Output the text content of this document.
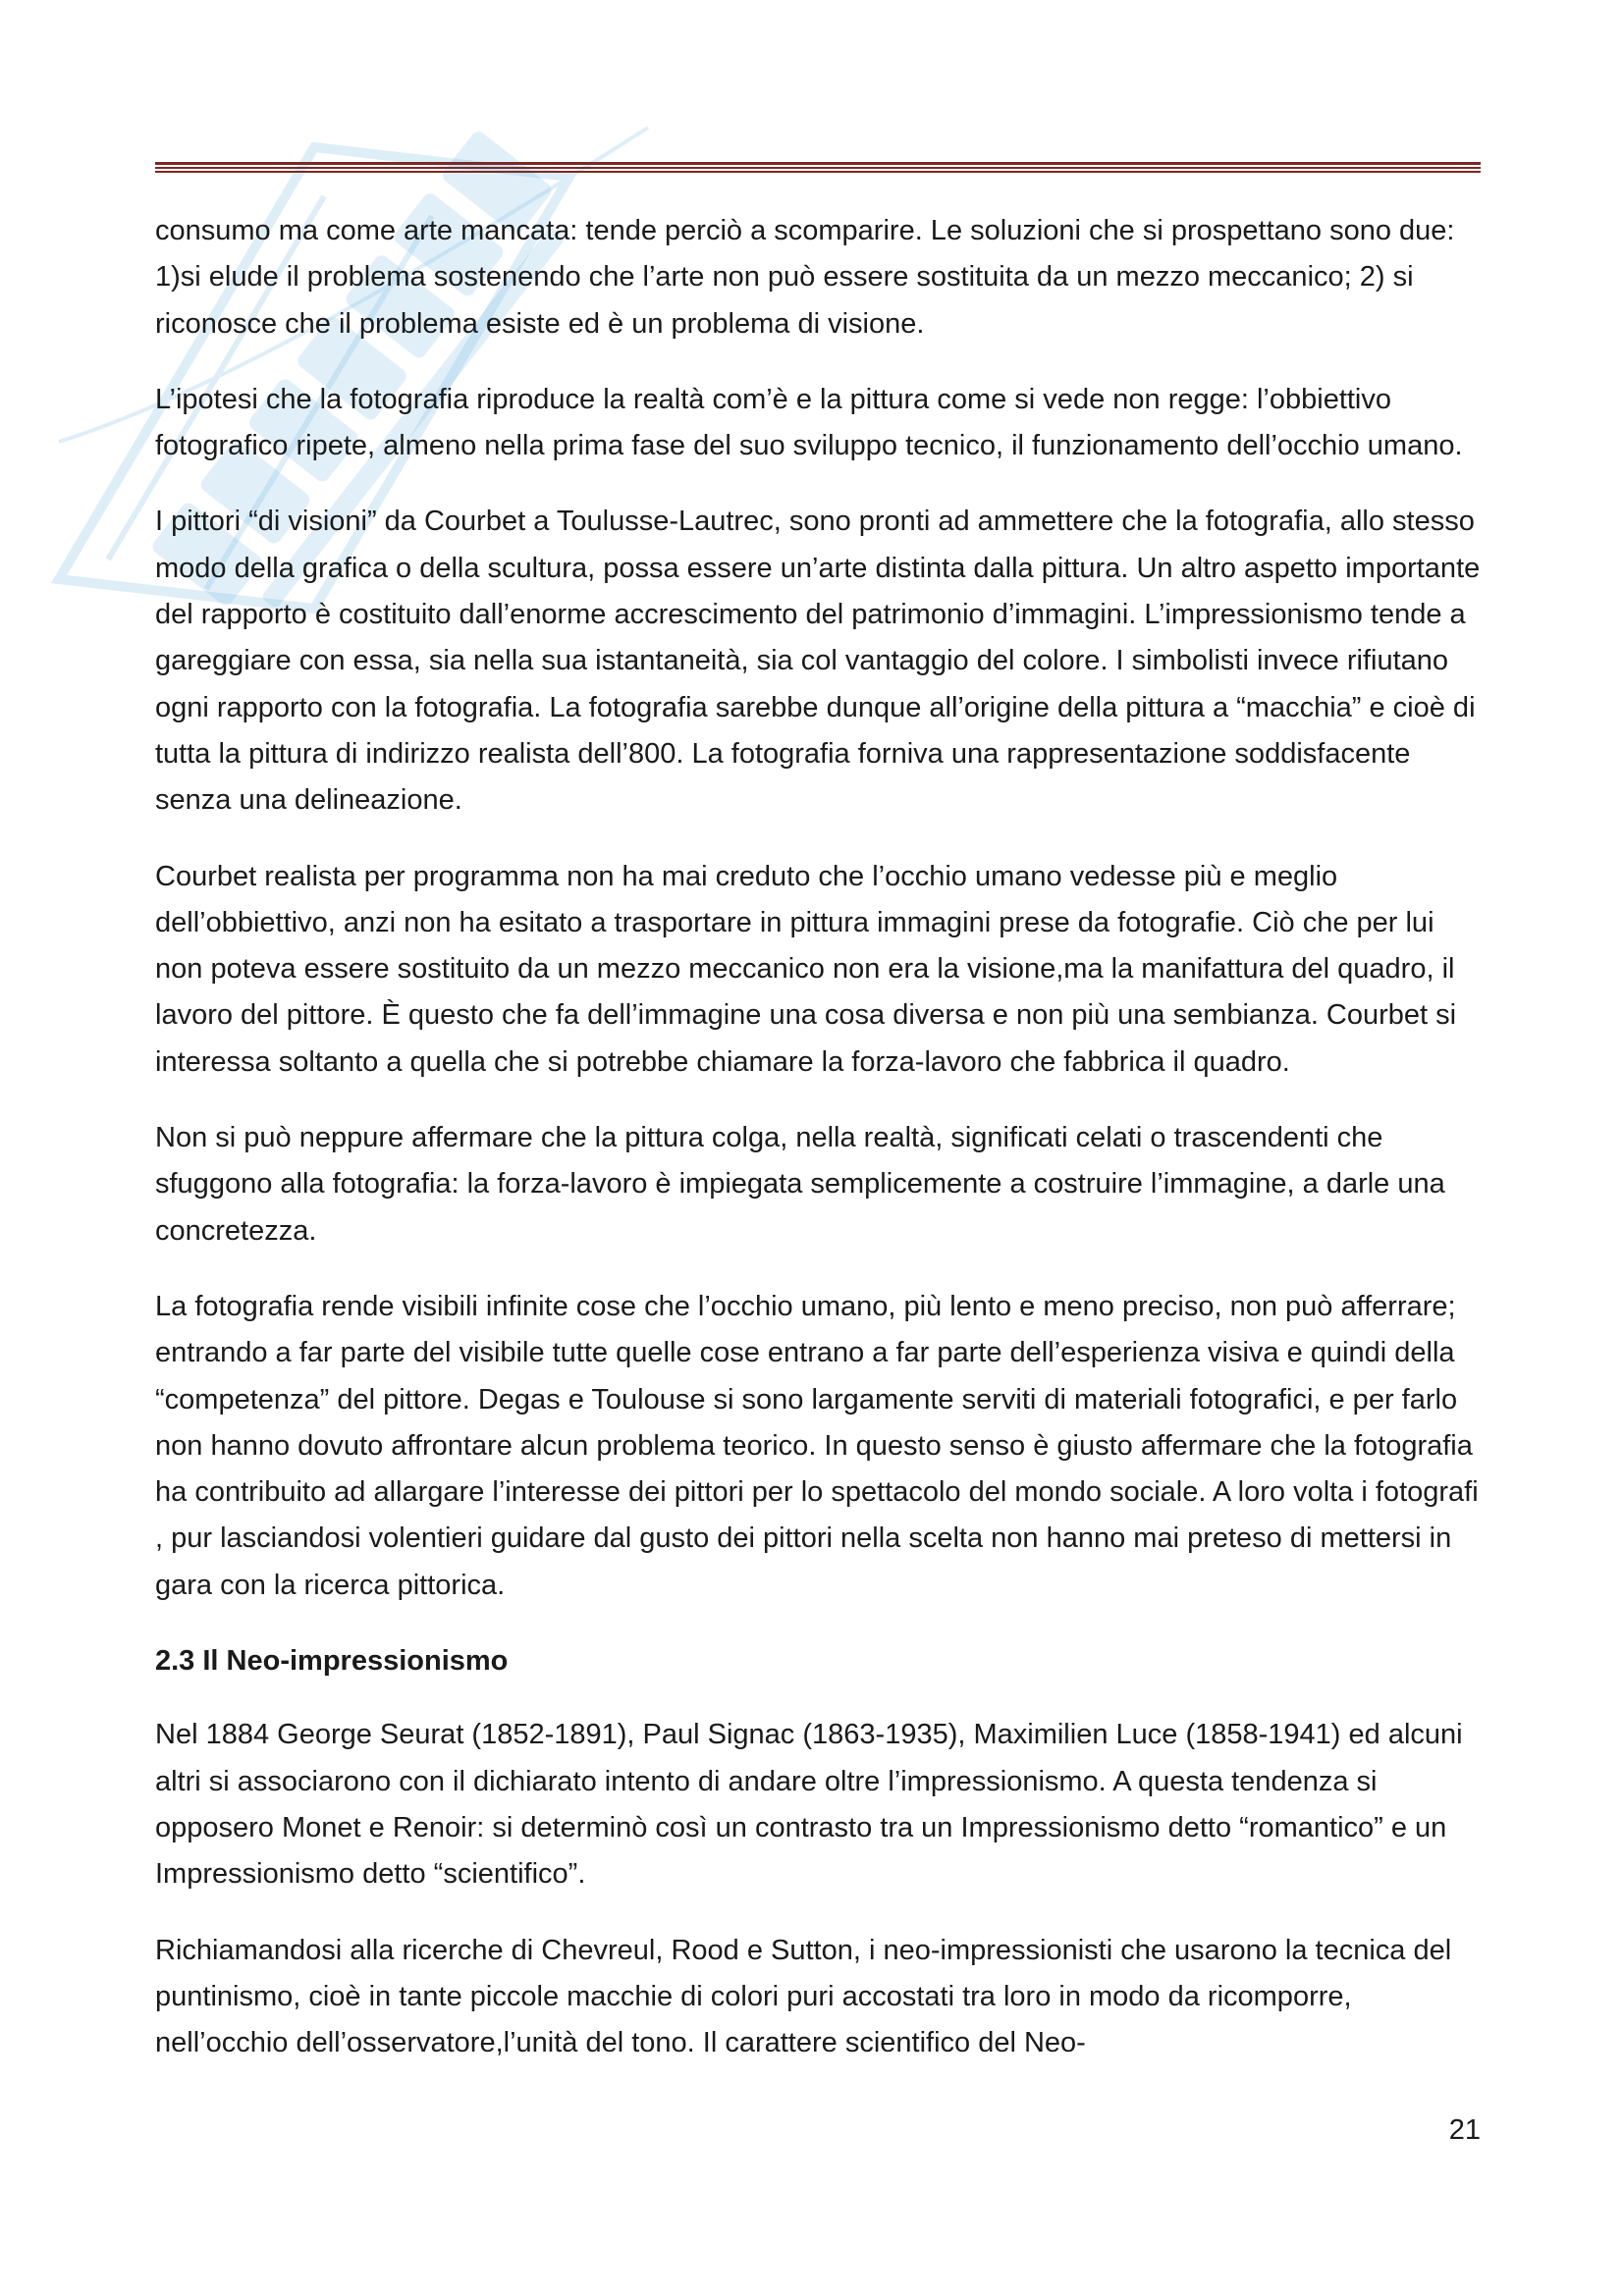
consumo ma come arte mancata: tende perciò a scomparire. Le soluzioni che si prospettano sono due: 1)si elude il problema sostenendo che l’arte non può essere sostituita da un mezzo meccanico; 2) si riconosce che il problema esiste ed è un problema di visione.

L’ipotesi che la fotografia riproduce la realtà com’è e la pittura come si vede non regge: l’obbiettivo fotografico ripete, almeno nella prima fase del suo sviluppo tecnico, il funzionamento dell’occhio umano.

I pittori “di visioni” da Courbet a Toulusse-Lautrec, sono pronti ad ammettere che la fotografia, allo stesso modo della grafica o della scultura, possa essere un’arte distinta dalla pittura. Un altro aspetto importante del rapporto è costituito dall’enorme accrescimento del patrimonio d’immagini. L’impressionismo tende a gareggiare con essa, sia nella sua istantaneità, sia col vantaggio del colore. I simbolisti invece rifiutano ogni rapporto con la fotografia. La fotografia sarebbe dunque all’origine della pittura a “macchia” e cioè di tutta la pittura di indirizzo realista dell’800. La fotografia forniva una rappresentazione soddisfacente senza una delineazione.

Courbet realista per programma non ha mai creduto che l’occhio umano vedesse più e meglio dell’obbiettivo, anzi non ha esitato a trasportare in pittura immagini prese da fotografie. Ciò che per lui non poteva essere sostituito da un mezzo meccanico non era la visione,ma la manifattura del quadro, il lavoro del pittore. È questo che fa dell’immagine una cosa diversa e non più una sembianza. Courbet si interessa soltanto a quella che si potrebbe chiamare la forza-lavoro che fabbrica il quadro.

Non si può neppure affermare che la pittura colga, nella realtà, significati celati o trascendenti che sfuggono alla fotografia: la forza-lavoro è impiegata semplicemente a costruire l’immagine, a darle una concretezza.

La fotografia rende visibili infinite cose che l’occhio umano, più lento e meno preciso, non può afferrare; entrando a far parte del visibile tutte quelle cose entrano a far parte dell’esperienza visiva e quindi della “competenza” del pittore. Degas e Toulouse si sono largamente serviti di materiali fotografici, e per farlo non hanno dovuto affrontare alcun problema teorico. In questo senso è giusto affermare che la fotografia ha contribuito ad allargare l’interesse dei pittori per lo spettacolo del mondo sociale. A loro volta i fotografi , pur lasciandosi volentieri guidare dal gusto dei pittori nella scelta non hanno mai preteso di mettersi in gara con la ricerca pittorica.

2.3 Il Neo-impressionismo

Nel 1884 George Seurat (1852-1891), Paul Signac (1863-1935), Maximilien Luce (1858-1941) ed alcuni altri si associarono con il dichiarato intento di andare oltre l’impressionismo. A questa tendenza si opposero Monet e Renoir: si determinò così un contrasto tra un Impressionismo detto “romantico” e un Impressionismo detto “scientifico”.

Richiamandosi alla ricerche di Chevreul, Rood e Sutton, i neo-impressionisti che usarono la tecnica del puntinismo, cioè in tante piccole macchie di colori puri accostati tra loro in modo da ricomporre, nell’occhio dell’osservatore,l’unità del tono. Il carattere scientifico del Neo-

21
